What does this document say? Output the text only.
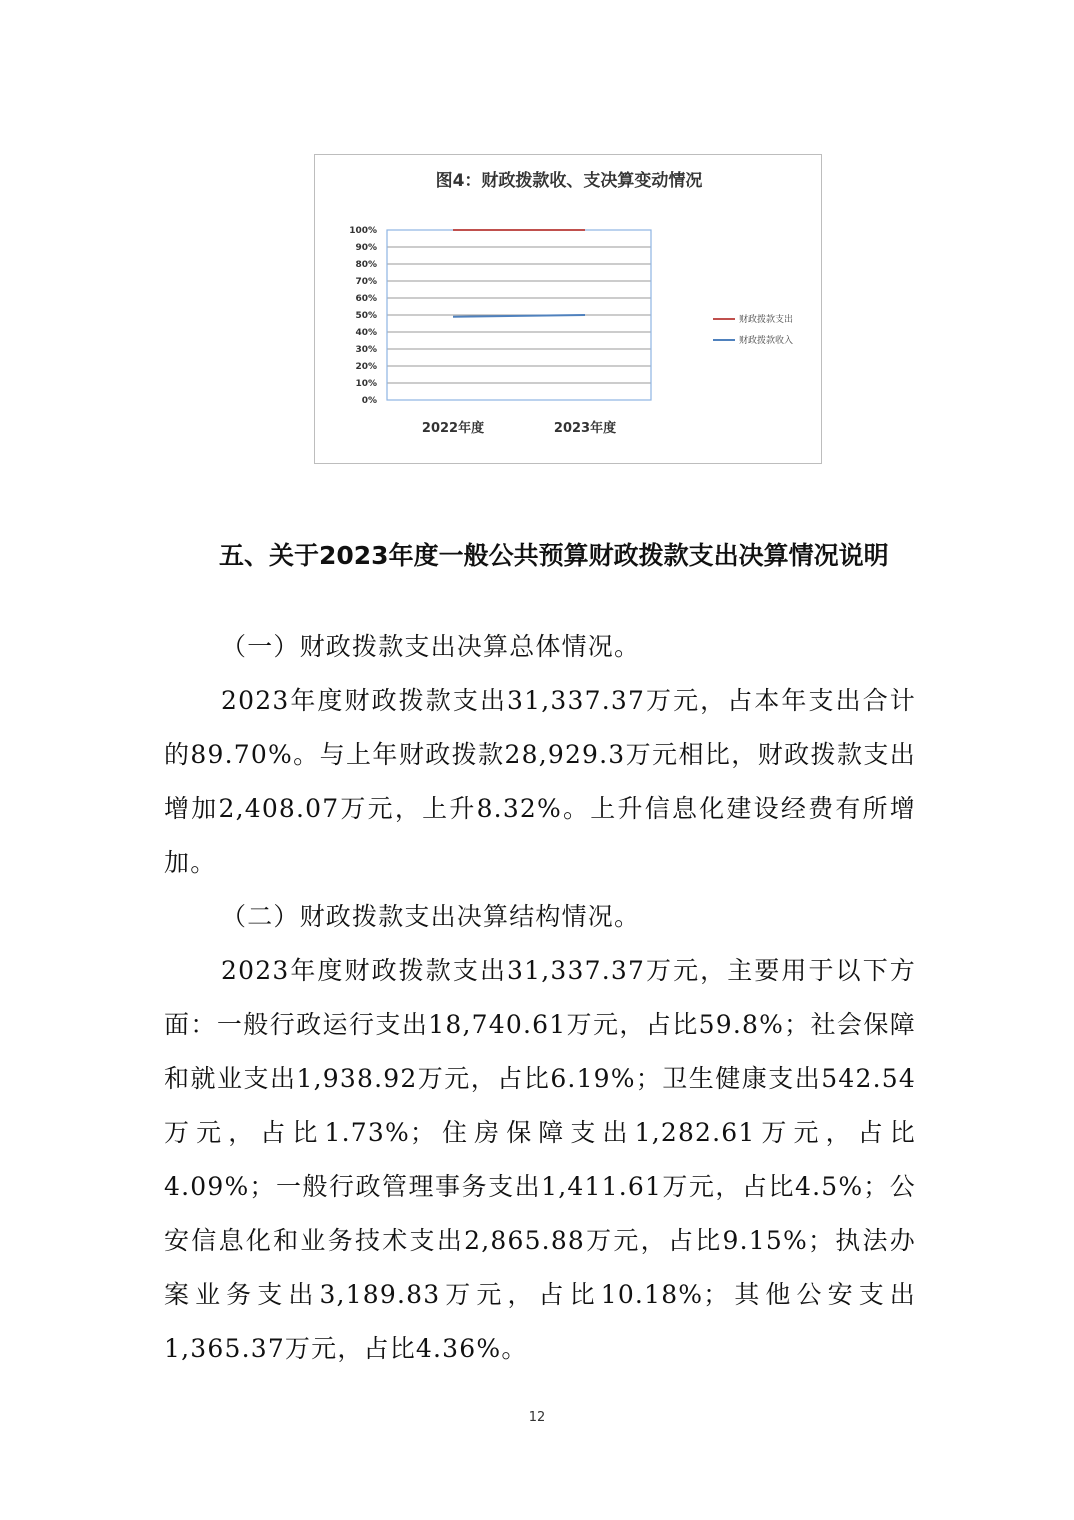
图4：财政拨款收、支决算变动情况

0%
10%
20%
30%
40%
50%
60%
70%
80%
90%
100%
2022年度	2023年度
财政拨款支出
财政拨款收入
五、关于2023年度一般公共预算财政拨款支出决算情况说明

（一）财政拨款支出决算总体情况。

2023年度财政拨款支出31,337.37万元，占本年支出合计的89.70%。与上年财政拨款28,929.3万元相比，财政拨款支出增加2,408.07万元，上升8.32%。上升信息化建设经费有所增加。

（二）财政拨款支出决算结构情况。

2023年度财政拨款支出31,337.37万元，主要用于以下方面：一般行政运行支出18,740.61万元，占比59.8%；社会保障和就业支出1,938.92万元，占比6.19%；卫生健康支出542.54万元，占比1.73%；住房保障支出1,282.61万元，占比4.09%；一般行政管理事务支出1,411.61万元，占比4.5%；公安信息化和业务技术支出2,865.88万元，占比9.15%；执法办案业务支出3,189.83万元，占比10.18%；其他公安支出1,365.37万元，占比4.36%。

12
